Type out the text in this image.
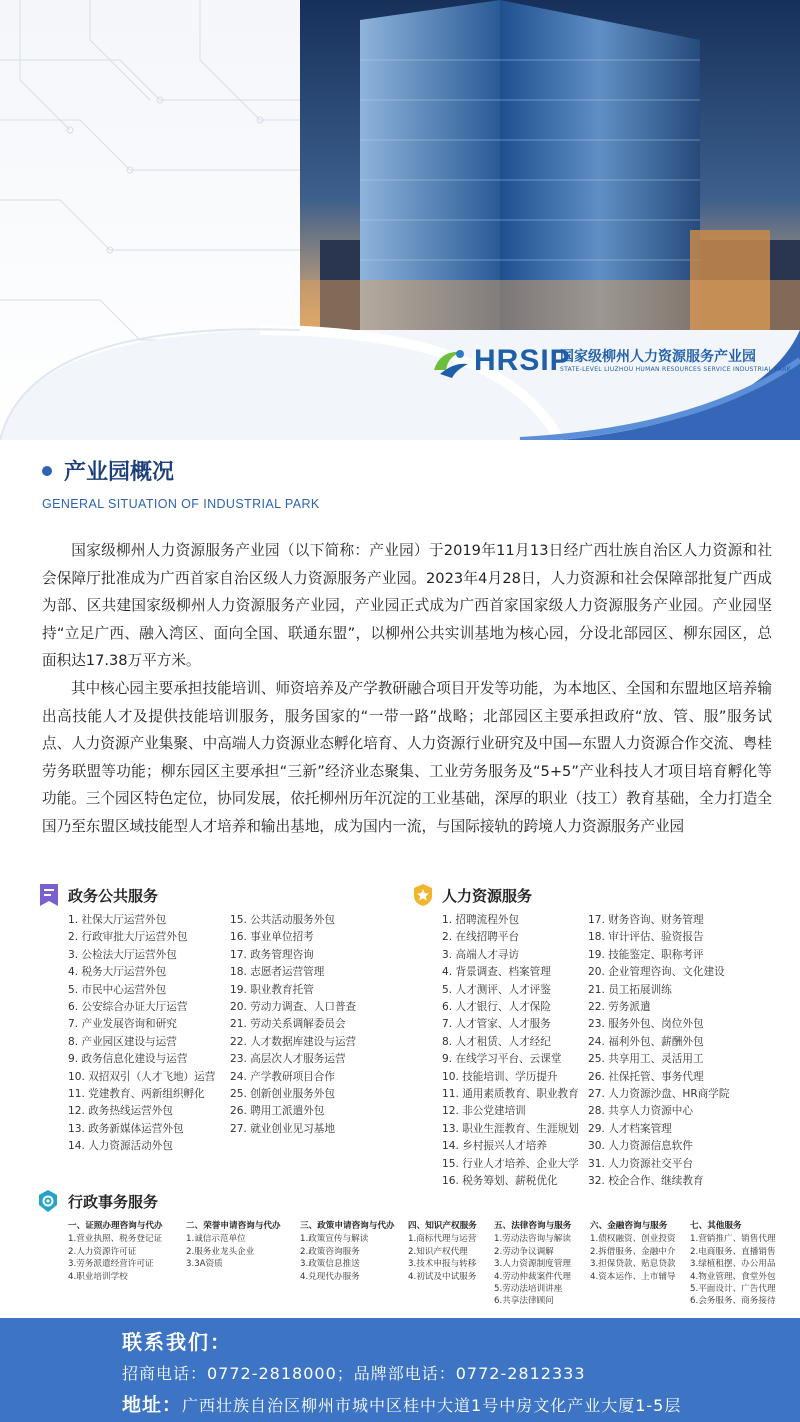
HRSIP
国家级柳州人力资源服务产业园
STATE-LEVEL LIUZHOU HUMAN RESOURCES SERVICE INDUSTRIAL PARK
产业园概况
GENERAL SITUATION OF INDUSTRIAL PARK

国家级柳州人力资源服务产业园（以下简称：产业园）于2019年11月13日经广西壮族自治区人力资源和社会保障厅批准成为广西首家自治区级人力资源服务产业园。2023年4月28日，人力资源和社会保障部批复广西成为部、区共建国家级柳州人力资源服务产业园，产业园正式成为广西首家国家级人力资源服务产业园。产业园坚持“立足广西、融入湾区、面向全国、联通东盟”，以柳州公共实训基地为核心园，分设北部园区、柳东园区，总面积达17.38万平方米。

其中核心园主要承担技能培训、师资培养及产学教研融合项目开发等功能，为本地区、全国和东盟地区培养输出高技能人才及提供技能培训服务，服务国家的“一带一路”战略；北部园区主要承担政府“放、管、服”服务试点、人力资源产业集聚、中高端人力资源业态孵化培育、人力资源行业研究及中国—东盟人力资源合作交流、粤桂劳务联盟等功能；柳东园区主要承担“三新”经济业态聚集、工业劳务服务及“5+5”产业科技人才项目培育孵化等功能。三个园区特色定位，协同发展，依托柳州历年沉淀的工业基础，深厚的职业（技工）教育基础，全力打造全国乃至东盟区域技能型人才培养和输出基地，成为国内一流，与国际接轨的跨境人力资源服务产业园

政务公共服务
1. 社保大厅运营外包
2. 行政审批大厅运营外包
3. 公检法大厅运营外包
4. 税务大厅运营外包
5. 市民中心运营外包
6. 公安综合办证大厅运营
7. 产业发展咨询和研究
8. 产业园区建设与运营
9. 政务信息化建设与运营
10. 双招双引（人才飞地）运营
11. 党建教育、两新组织孵化
12. 政务热线运营外包
13. 政务新媒体运营外包
14. 人力资源活动外包
15. 公共活动服务外包
16. 事业单位招考
17. 政务管理咨询
18. 志愿者运营管理
19. 职业教育托管
20. 劳动力调查、人口普查
21. 劳动关系调解委员会
22. 人才数据库建设与运营
23. 高层次人才服务运营
24. 产学教研项目合作
25. 创新创业服务外包
26. 聘用工派遣外包
27. 就业创业见习基地
人力资源服务
1. 招聘流程外包
2. 在线招聘平台
3. 高端人才寻访
4. 背景调查、档案管理
5. 人才测评、人才评鉴
6. 人才银行、人才保险
7. 人才管家、人才服务
8. 人才租赁、人才经纪
9. 在线学习平台、云课堂
10. 技能培训、学历提升
11. 通用素质教育、职业教育
12. 非公党建培训
13. 职业生涯教育、生涯规划
14. 乡村振兴人才培养
15. 行业人才培养、企业大学
16. 税务筹划、薪税优化
17. 财务咨询、财务管理
18. 审计评估、验资报告
19. 技能鉴定、职称考评
20. 企业管理咨询、文化建设
21. 员工拓展训练
22. 劳务派遣
23. 服务外包、岗位外包
24. 福利外包、薪酬外包
25. 共享用工、灵活用工
26. 社保托管、事务代理
27. 人力资源沙盘、HR商学院
28. 共享人力资源中心
29. 人才档案管理
30. 人力资源信息软件
31. 人力资源社交平台
32. 校企合作、继续教育
行政事务服务
一、证照办理咨询与代办
1.营业执照、税务登记证
2.人力资源许可证
3.劳务派遣经营许可证
4.职业培训学校
二、荣誉申请咨询与代办
1.诚信示范单位
2.服务业龙头企业
3.3A资质
三、政策申请咨询与代办
1.政策宣传与解读
2.政策咨询服务
3.政策信息推送
4.兑现代办服务
四、知识产权服务
1.商标代理与运营
2.知识产权代理
3.技术申报与转移
4.初试及中试服务
五、法律咨询与服务
1.劳动法咨询与解读
2.劳动争议调解
3.人力资源制度管理
4.劳动仲裁案件代理
5.劳动法培训讲座
6.共享法律顾问
六、金融咨询与服务
1.债权融资、创业投资
2.拆借服务、金融中介
3.担保贷款、贴息贷款
4.资本运作、上市辅导
七、其他服务
1.营销推广、销售代理
2.电商服务、直播销售
3.绿植租摆、办公用品
4.物业管理、食堂外包
5.平面设计、广告代理
6.会务服务、商务接待
联系我们：
招商电话：0772-2818000；品牌部电话：0772-2812333
地址：广西壮族自治区柳州市城中区桂中大道1号中房文化产业大厦1-5层
